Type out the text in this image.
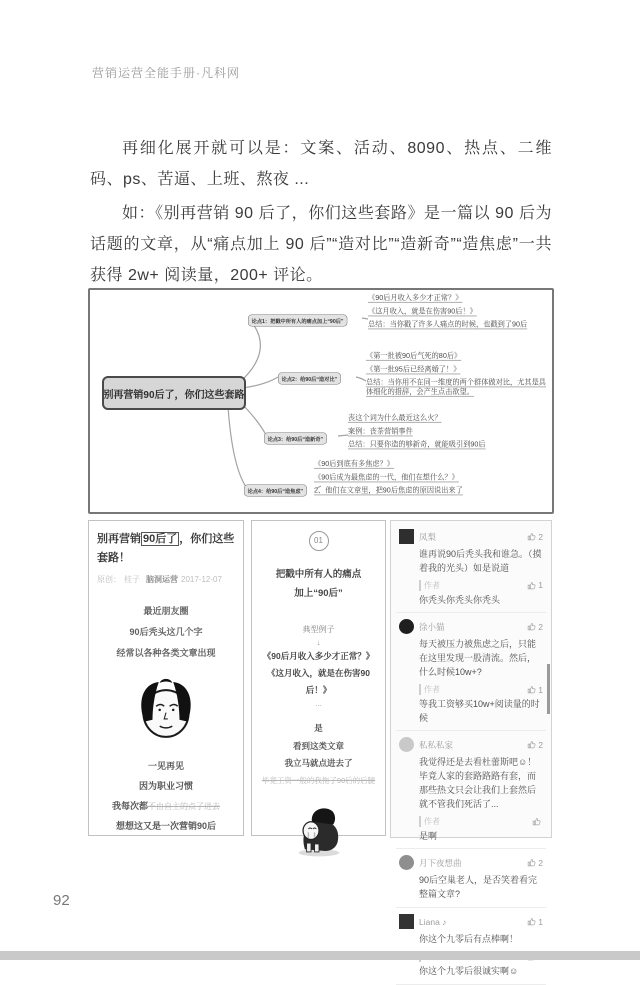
营销运营全能手册·凡科网
再细化展开就可以是：文案、活动、8090、热点、二维码、ps、苦逼、上班、熬夜 ...
如：《别再营销 90 后了，你们这些套路》是一篇以 90 后为话题的文章，从“痛点加上 90 后”“造对比”“造新奇”“造焦虑”一共获得 2w+ 阅读量，200+ 评论。
别再营销90后了，你们这些套路
论点1：把戳中所有人的痛点加上“90后”
论点2：给90后“造对比”
论点3：给90后“造新奇”
论点4：给90后“造焦虑”
《90后月收入多少才正常？》
《这月收入，就是在伤害90后！》
总结：当你戳了许多人痛点的时候，也戳到了90后
《第一批被90后气死的80后》
《第一批95后已经离婚了！》
总结：当你用不在同一维度的两个群体做对比，尤其是具体细化的措辞，会产生点击欲望。
丧这个词为什么最近这么火？
案例：丧茶营销事件
总结：只要你造的够新奇，就能吸引到90后
《90后到底有多焦虑？》
《90后成为最焦虑的一代，他们在想什么？》
2、他们在文章里，把90后焦虑的原因说出来了
别再营销 90后了 ，你们这些套路！
原创： 桂子 脑洞运营 2017-12-07
最近朋友圈
90后秃头这几个字
经常以各种各类文章出现
一见再见
因为职业习惯
我每次都不由自主的点了进去
想想这又是一次营销90后
01
把戳中所有人的痛点
加上“90后”
典型例子
↓
《90后月收入多少才正常？》
《这月收入，就是在伤害90后！》
...
是
看到这类文章
我立马就点进去了
毕竟工资一般的我拖了90后的后腿
凤梨	2
谁再说90后秃头我和谁急。（摸着我的光头）如是说道
作者	1
你秃头你秃头你秃头
徐小猫	2
每天被压力被焦虑之后，只能在这里发现一股清流。然后，什么时候10w+?
作者	1
等我工资够买10w+阅读量的时候
私私私家	2
我觉得还是去看杜蕾斯吧☺！毕竟人家的套路路路有套，而那些热文只会让我们上套然后就不管我们死活了...
作者
是啊
月下夜想曲	2
90后空巢老人，是否笑着看完整篇文章?
Liana ♪	1
你这个九零后有点棒啊！
你这个九零后很诚实啊☺
92
